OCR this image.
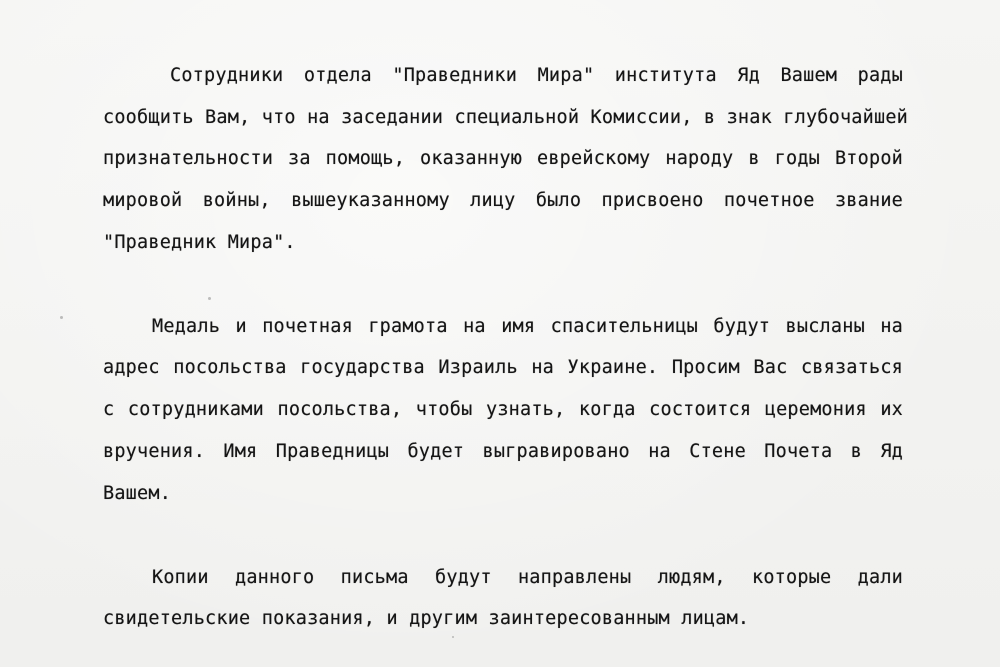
Сотрудники отдела "Праведники Мира" института Яд Вашем рады

сообщить Вам, что на заседании специальной Комиссии, в знак глубочайшей

признательности за помощь, оказанную еврейскому народу в годы Второй

мировой войны, вышеуказанному лицу было присвоено почетное звание

"Праведник Мира".

Медаль и почетная грамота на имя спасительницы будут высланы на

адрес посольства государства Израиль на Украине. Просим Вас связаться

с сотрудниками посольства, чтобы узнать, когда состоится церемония их

вручения. Имя Праведницы будет выгравировано на Стене Почета в Яд

Вашем.

Копии данного письма будут направлены людям, которые дали

свидетельские показания, и другим заинтересованным лицам.
